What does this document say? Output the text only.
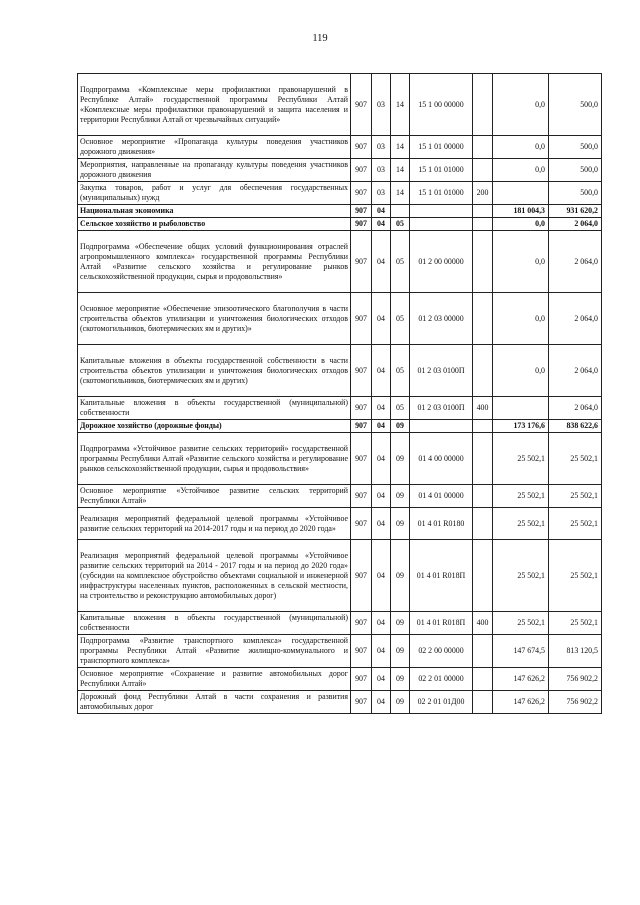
119
Подпрограмма «Комплексные меры профилактики правонарушений в Республике Алтай» государственной программы Республики Алтай «Комплексные меры профилактики правонарушений и защита населения и территории Республики Алтай от чрезвычайных ситуаций»	907	03	14	15 1 00 00000		0,0	500,0
Основное мероприятие «Пропаганда культуры поведения участников дорожного движения»	907	03	14	15 1 01 00000		0,0	500,0
Мероприятия, направленные на пропаганду культуры поведения участников дорожного движения	907	03	14	15 1 01 01000		0,0	500,0
Закупка товаров, работ и услуг для обеспечения государственных (муниципальных) нужд	907	03	14	15 1 01 01000	200		500,0
Национальная экономика	907	04				181 004,3	931 620,2
Сельское хозяйство и рыболовство	907	04	05			0,0	2 064,0
Подпрограмма «Обеспечение общих условий функционирования отраслей агропромышленного комплекса» государственной программы Республики Алтай «Развитие сельского хозяйства и регулирование рынков сельскохозяйственной продукции, сырья и продовольствия»	907	04	05	01 2 00 00000		0,0	2 064,0
Основное мероприятие «Обеспечение эпизоотического благополучия в части строительства объектов утилизации и уничтожения биологических отходов (скотомогильников, биотермических ям и других)»	907	04	05	01 2 03 00000		0,0	2 064,0
Капитальные вложения в объекты государственной собственности в части строительства объектов утилизации и уничтожения биологических отходов (скотомогильников, биотермических ям и других)	907	04	05	01 2 03 0100П		0,0	2 064,0
Капитальные вложения в объекты государственной (муниципальной) собственности	907	04	05	01 2 03 0100П	400		2 064,0
Дорожное хозяйство (дорожные фонды)	907	04	09			173 176,6	838 622,6
Подпрограмма «Устойчивое развитие сельских территорий» государственной программы Республики Алтай «Развитие сельского хозяйства и регулирование рынков сельскохозяйственной продукции, сырья и продовольствия»	907	04	09	01 4 00 00000		25 502,1	25 502,1
Основное мероприятие «Устойчивое развитие сельских территорий Республики Алтай»	907	04	09	01 4 01 00000		25 502,1	25 502,1
Реализация мероприятий федеральной целевой программы «Устойчивое развитие сельских территорий на 2014-2017 годы и на период до 2020 года»	907	04	09	01 4 01 R0180		25 502,1	25 502,1
Реализация мероприятий федеральной целевой программы «Устойчивое развитие сельских территорий на 2014 - 2017 годы и на период до 2020 года» (субсидии на комплексное обустройство объектами социальной и инженерной инфраструктуры населенных пунктов, расположенных в сельской местности, на строительство и реконструкцию автомобильных дорог)	907	04	09	01 4 01 R018П		25 502,1	25 502,1
Капитальные вложения в объекты государственной (муниципальной) собственности	907	04	09	01 4 01 R018П	400	25 502,1	25 502,1
Подпрограмма «Развитие транспортного комплекса» государственной программы Республики Алтай «Развитие жилищно-коммунального и транспортного комплекса»	907	04	09	02 2 00 00000		147 674,5	813 120,5
Основное мероприятие «Сохранение и развитие автомобильных дорог Республики Алтай»	907	04	09	02 2 01 00000		147 626,2	756 902,2
Дорожный фонд Республики Алтай в части сохранения и развития автомобильных дорог	907	04	09	02 2 01 01Д00		147 626,2	756 902,2
